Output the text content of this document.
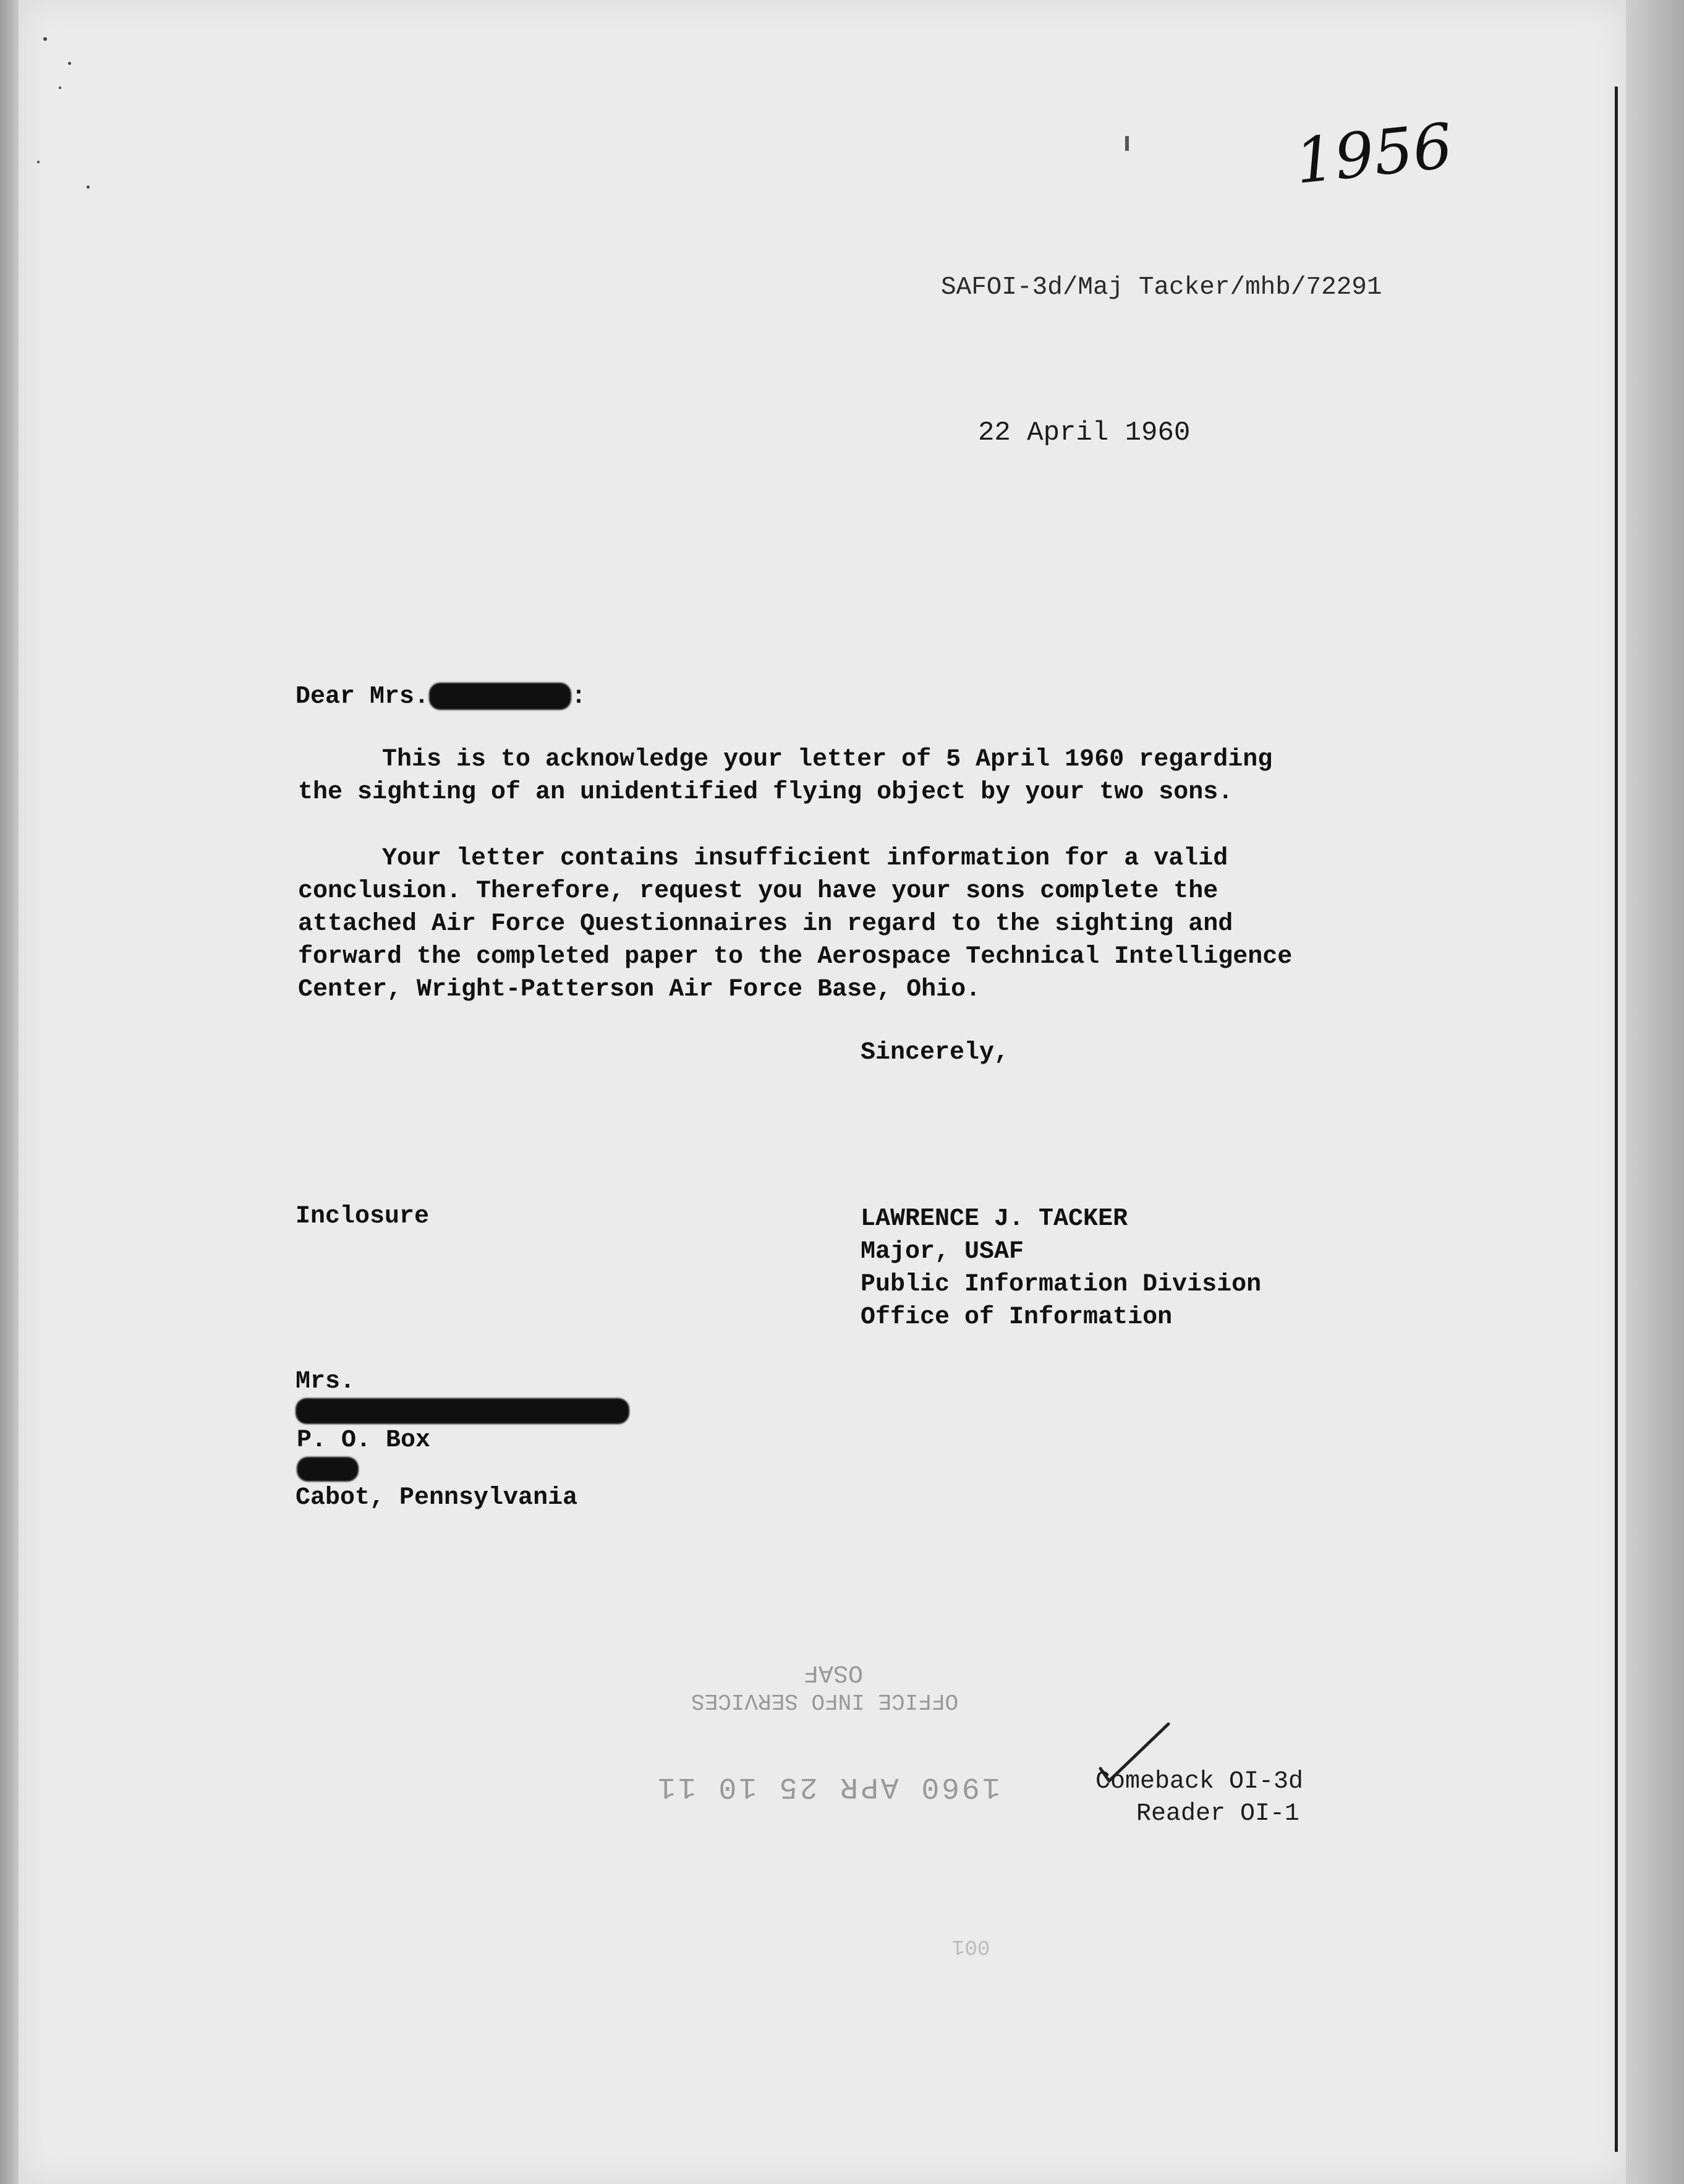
1956
SAFOI-3d/Maj Tacker/mhb/72291
22 April 1960
Dear Mrs.	:
This is to acknowledge your letter of 5 April 1960 regarding
the sighting of an unidentified flying object by your two sons.
Your letter contains insufficient information for a valid
conclusion. Therefore, request you have your sons complete the
attached Air Force Questionnaires in regard to the sighting and
forward the completed paper to the Aerospace Technical Intelligence
Center, Wright-Patterson Air Force Base, Ohio.
Sincerely,
Inclosure	LAWRENCE J. TACKER
Major, USAF
Public Information Division
Office of Information
Mrs.
P. O. Box
Cabot, Pennsylvania
OSAF
OFFICE INFO SERVICES
1960 APR 25 10 11
001
Comeback OI-3d
Reader OI-1
